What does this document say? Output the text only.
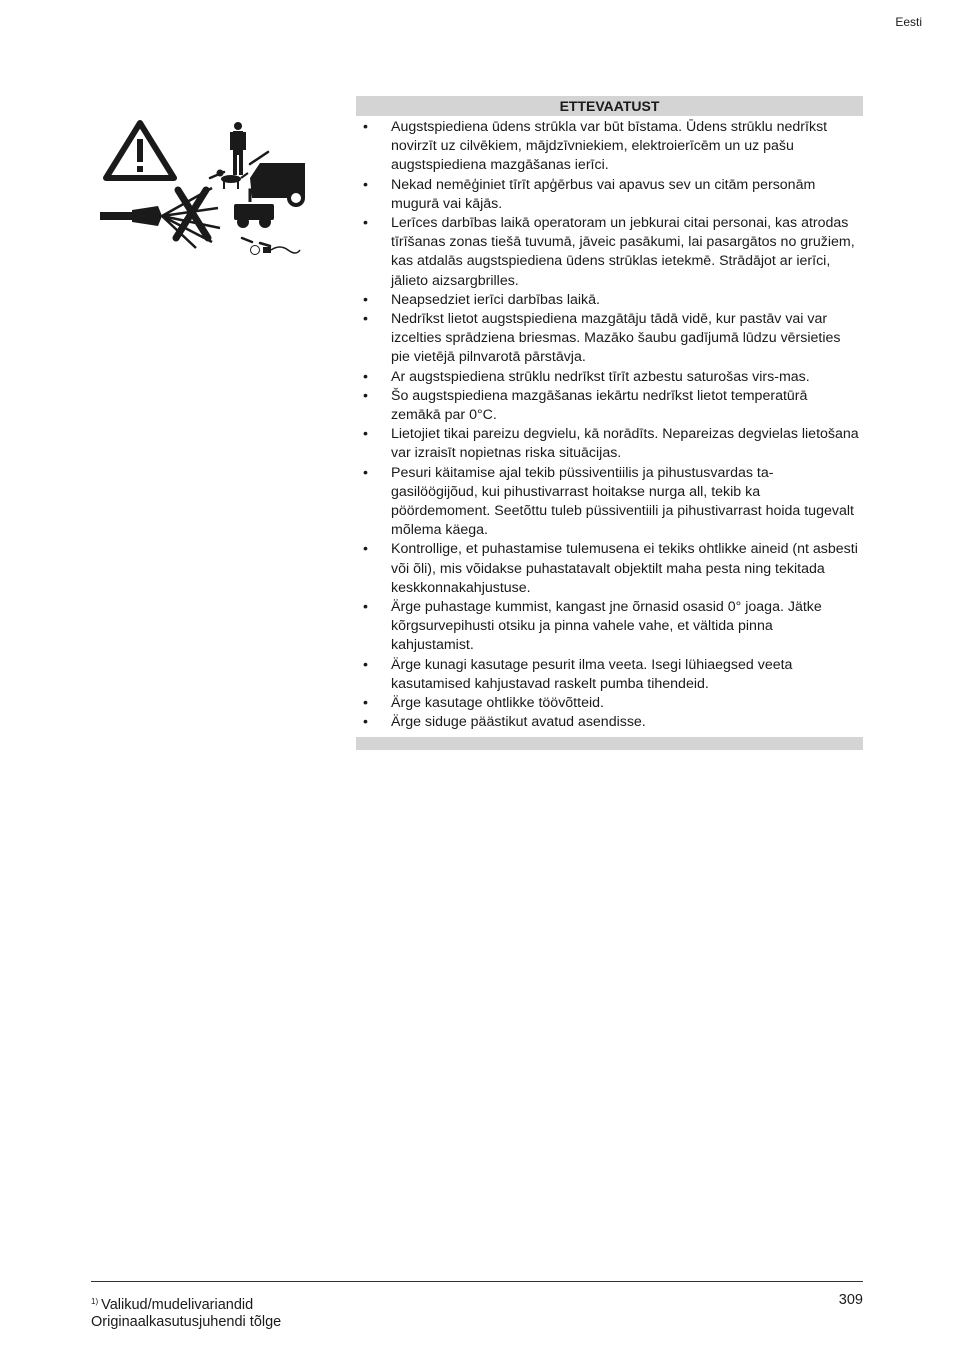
Eesti
ETTEVAATUST
• Augstspiediena ūdens strūkla var būt bīstama. Ūdens strūklu nedrīkst novirzīt uz cilvēkiem, mājdzīvniekiem, elektroierīcēm un uz pašu augstspiediena mazgāšanas ierīci.
• Nekad nemēģiniet tīrīt apģērbus vai apavus sev un citām personām mugurā vai kājās.
• Lerīces darbības laikā operatoram un jebkurai citai personai, kas atrodas tīrīšanas zonas tiešā tuvumā, jāveic pasākumi, lai pasargātos no gružiem, kas atdalās augstspiediena ūdens strūklas ietekmē. Strādājot ar ierīci, jālieto aizsargbrilles.
• Neapsedziet ierīci darbības laikā.
• Nedrīkst lietot augstspiediena mazgātāju tādā vidē, kur pastāv vai var izcelties sprādziena briesmas. Mazāko šaubu gadījumā lūdzu vērsieties pie vietējā pilnvarotā pārstāvja.
• Ar augstspiediena strūklu nedrīkst tīrīt azbestu saturošas virs-mas.
• Šo augstspiediena mazgāšanas iekārtu nedrīkst lietot temperatūrā zemākā par 0°C.
• Lietojiet tikai pareizu degvielu, kā norādīts. Nepareizas degvielas lietošana var izraisīt nopietnas riska situācijas.
• Pesuri käitamise ajal tekib püssiventiilis ja pihustusvardas ta-gasilöögijõud, kui pihustivarrast hoitakse nurga all, tekib ka pöördemoment. Seetõttu tuleb püssiventiili ja pihustivarrast hoida tugevalt mõlema käega.
• Kontrollige, et puhastamise tulemusena ei tekiks ohtlikke aineid (nt asbesti või õli), mis võidakse puhastatavalt objektilt maha pesta ning tekitada keskkonnakahjustuse.
• Ärge puhastage kummist, kangast jne õrnasid osasid 0° joaga. Jätke kõrgsurvepihusti otsiku ja pinna vahele vahe, et vältida pinna kahjustamist.
• Ärge kunagi kasutage pesurit ilma veeta. Isegi lühiaegsed veeta kasutamised kahjustavad raskelt pumba tihendeid.
• Ärge kasutage ohtlikke töövõtteid.
• Ärge siduge päästikut avatud asendisse.
$^{1)}$ Valikud/mudelivariandid	309
Originaalkasutusjuhendi tõlge
